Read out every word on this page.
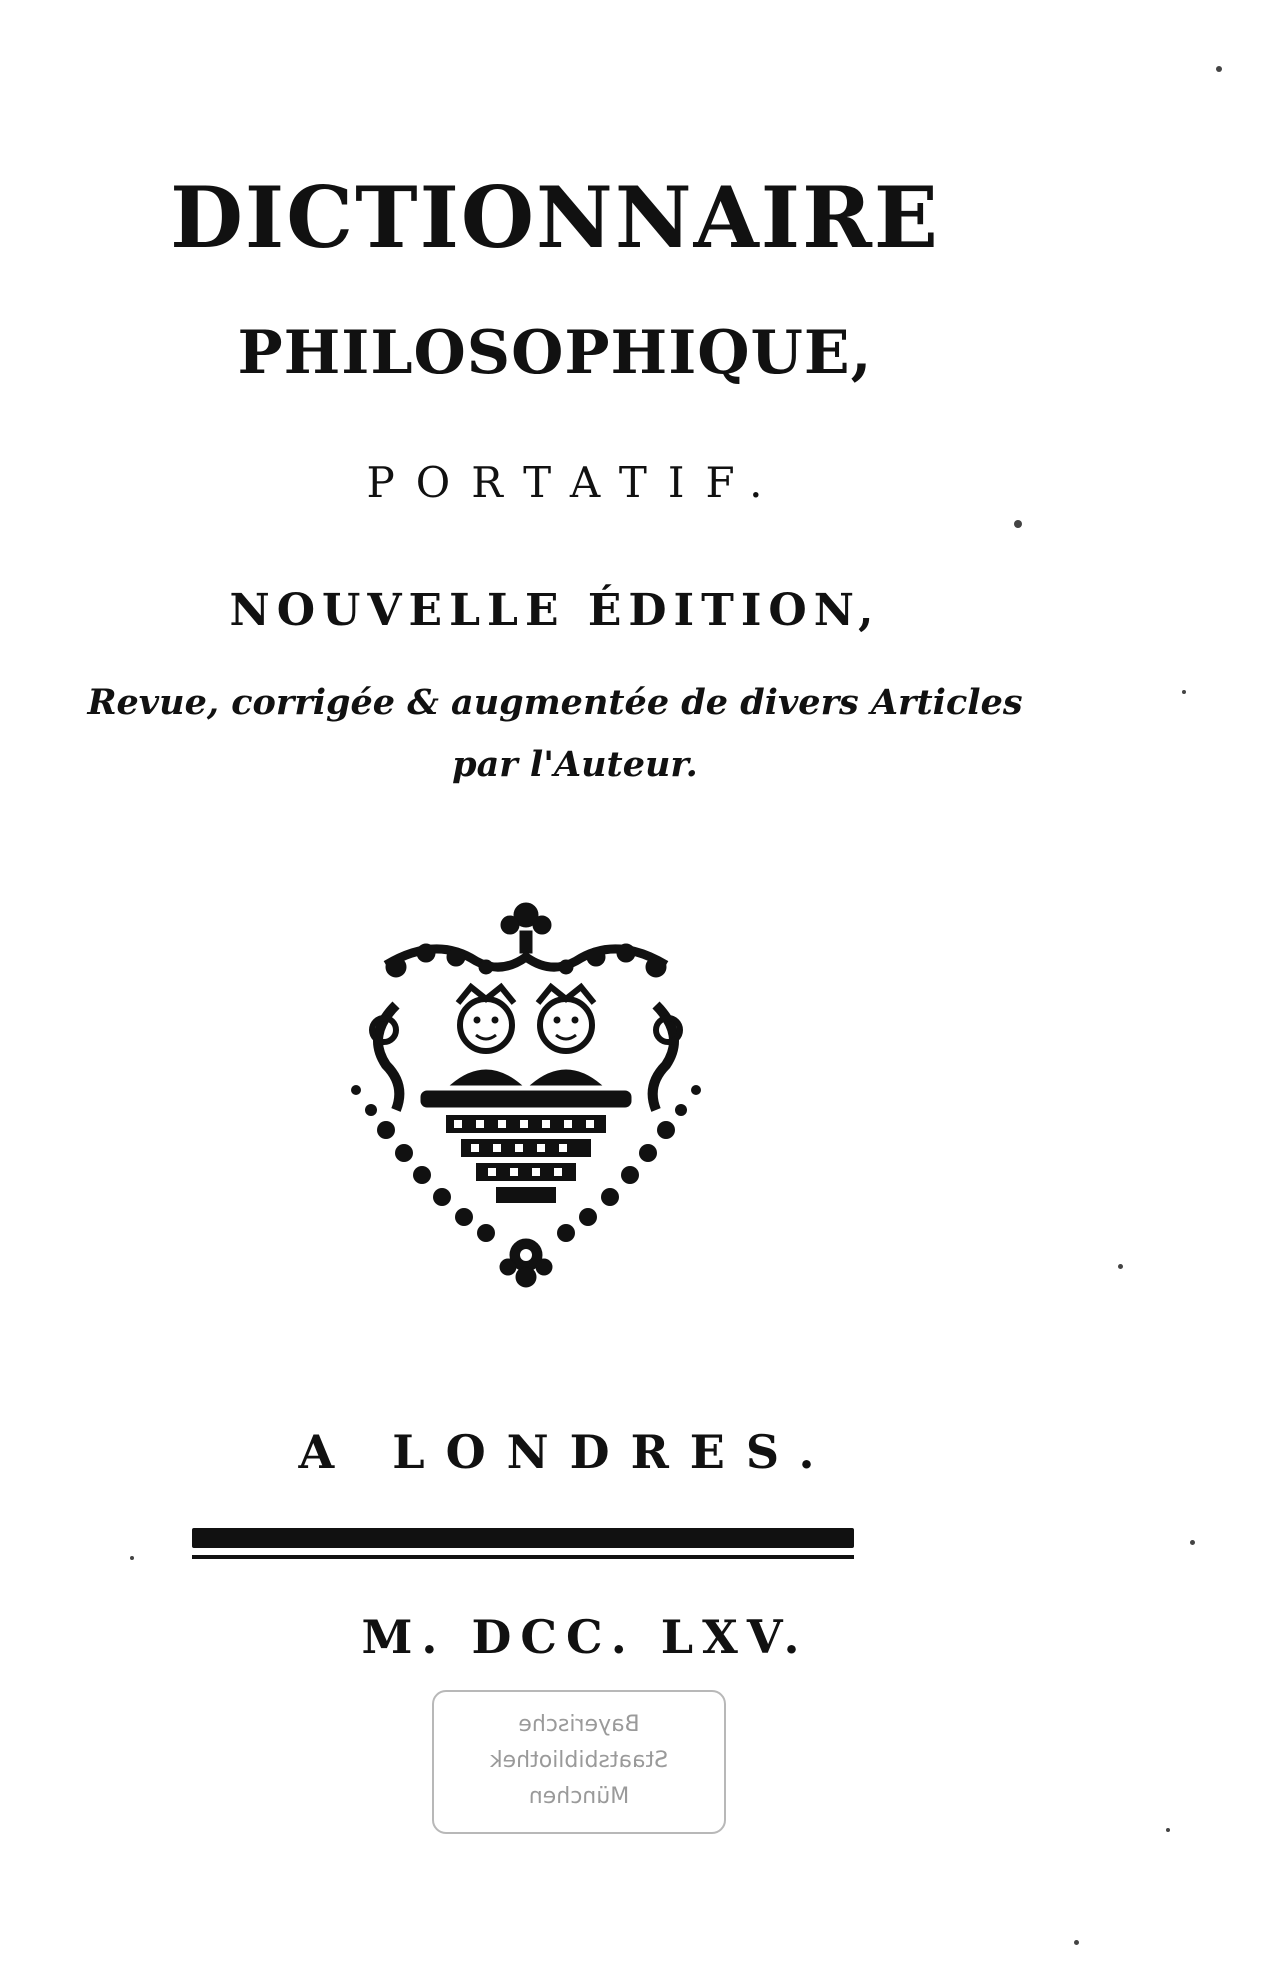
DICTIONNAIRE

PHILOSOPHIQUE,

PORTATIF.

NOUVELLE ÉDITION,

Revue, corrigée & augmentée de divers Articles

par l'Auteur.

A LONDRES.

M. DCC. LXV.

Bayerische
Staatsbibliothek
München
